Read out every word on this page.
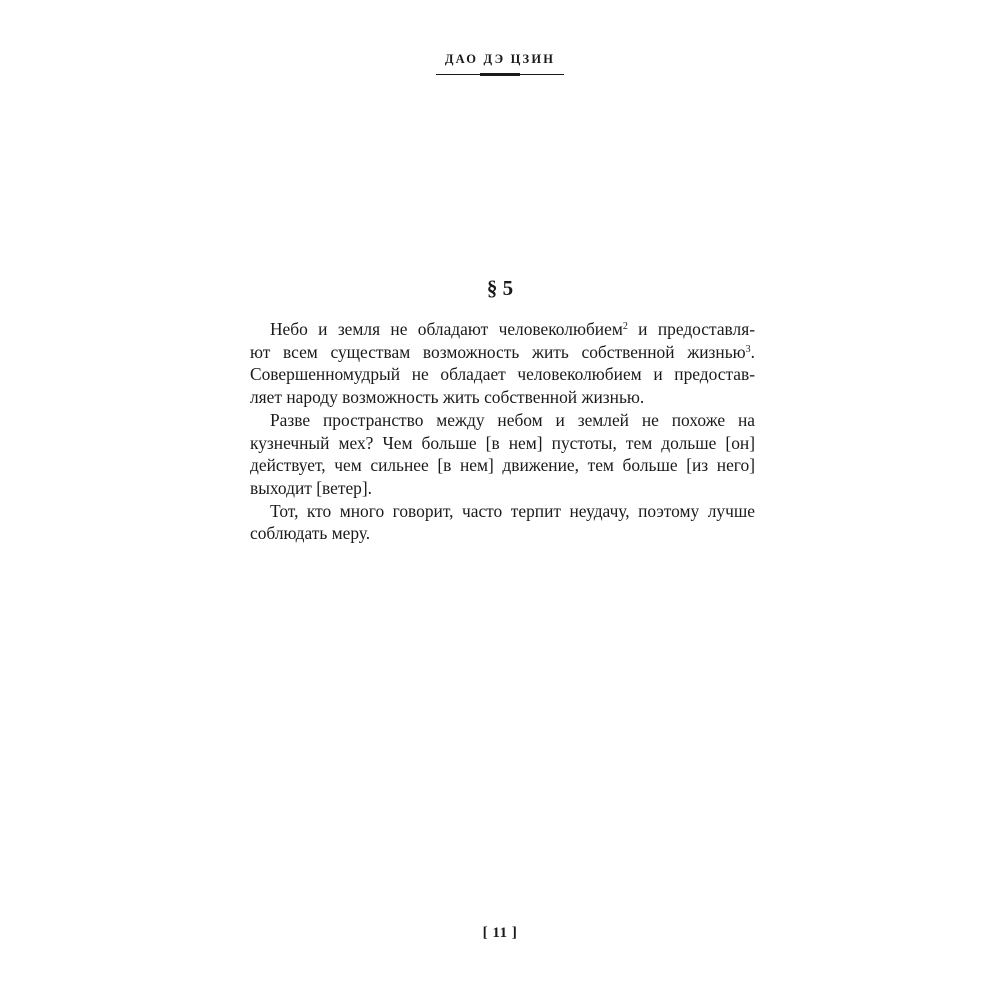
ДАО ДЭ ЦЗИН
§ 5
Небо и земля не обладают человеколюбием$^2$ и предоставля-
ют всем существам возможность жить собственной жизнью$^3$.
Совершенномудрый не обладает человеколюбием и предостав-
ляет народу возможность жить собственной жизнью.
Разве пространство между небом и землей не похоже на
кузнечный мех? Чем больше [в нем] пустоты, тем дольше [он]
действует, чем сильнее [в нем] движение, тем больше [из него]
выходит [ветер].
Тот, кто много говорит, часто терпит неудачу, поэтому лучше
соблюдать меру.
[ 11 ]
